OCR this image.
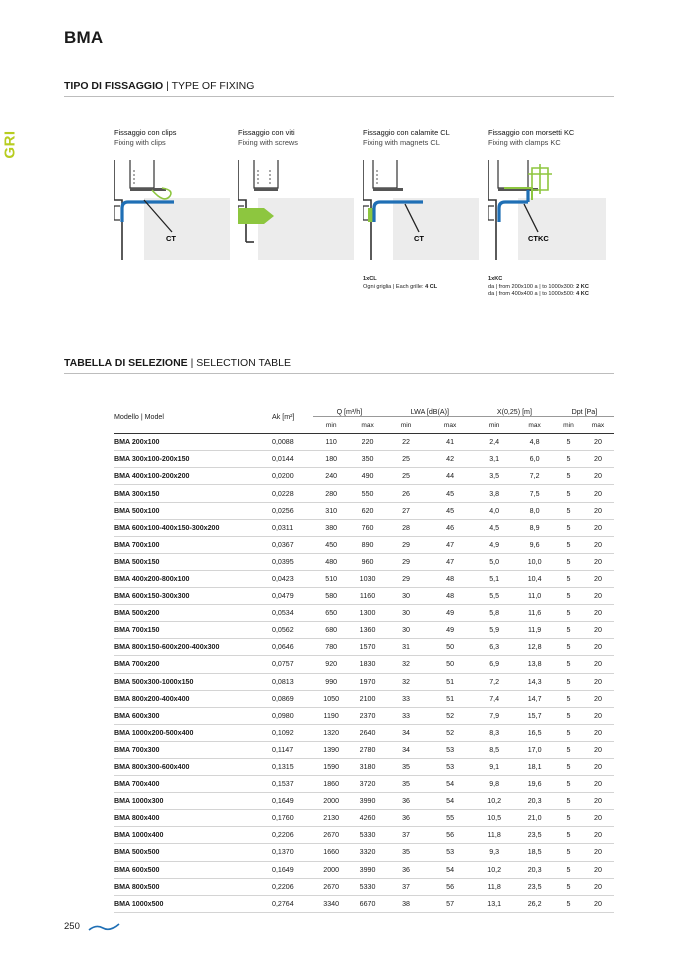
BMA
GRI
TIPO DI FISSAGGIO | TYPE OF FIXING
Fissaggio con clips
Fixing with clips
CT
Fissaggio con viti
Fixing with screws
Fissaggio con calamite CL
Fixing with magnets CL
CT
1xCL
Ogni griglia | Each grille: 4 CL
Fissaggio con morsetti KC
Fixing with clamps KC
CTKC
1xKC
da | from 200x100 a | to 1000x300: 2 KC
da | from 400x400 a | to 1000x500: 4 KC
TABELLA DI SELEZIONE | SELECTION TABLE
Modello | Model	Ak [m²]	Q [m³/h]		LWA [dB(A)]		X(0,25) [m]		Dpt [Pa]	
		min	max	min	max	min	max	min	max
BMA 200x100	0,0088	110	220	22	41	2,4	4,8	5	20
BMA 300x100-200x150	0,0144	180	350	25	42	3,1	6,0	5	20
BMA 400x100-200x200	0,0200	240	490	25	44	3,5	7,2	5	20
BMA 300x150	0,0228	280	550	26	45	3,8	7,5	5	20
BMA 500x100	0,0256	310	620	27	45	4,0	8,0	5	20
BMA 600x100-400x150-300x200	0,0311	380	760	28	46	4,5	8,9	5	20
BMA 700x100	0,0367	450	890	29	47	4,9	9,6	5	20
BMA 500x150	0,0395	480	960	29	47	5,0	10,0	5	20
BMA 400x200-800x100	0,0423	510	1030	29	48	5,1	10,4	5	20
BMA 600x150-300x300	0,0479	580	1160	30	48	5,5	11,0	5	20
BMA 500x200	0,0534	650	1300	30	49	5,8	11,6	5	20
BMA 700x150	0,0562	680	1360	30	49	5,9	11,9	5	20
BMA 800x150-600x200-400x300	0,0646	780	1570	31	50	6,3	12,8	5	20
BMA 700x200	0,0757	920	1830	32	50	6,9	13,8	5	20
BMA 500x300-1000x150	0,0813	990	1970	32	51	7,2	14,3	5	20
BMA 800x200-400x400	0,0869	1050	2100	33	51	7,4	14,7	5	20
BMA 600x300	0,0980	1190	2370	33	52	7,9	15,7	5	20
BMA 1000x200-500x400	0,1092	1320	2640	34	52	8,3	16,5	5	20
BMA 700x300	0,1147	1390	2780	34	53	8,5	17,0	5	20
BMA 800x300-600x400	0,1315	1590	3180	35	53	9,1	18,1	5	20
BMA 700x400	0,1537	1860	3720	35	54	9,8	19,6	5	20
BMA 1000x300	0,1649	2000	3990	36	54	10,2	20,3	5	20
BMA 800x400	0,1760	2130	4260	36	55	10,5	21,0	5	20
BMA 1000x400	0,2206	2670	5330	37	56	11,8	23,5	5	20
BMA 500x500	0,1370	1660	3320	35	53	9,3	18,5	5	20
BMA 600x500	0,1649	2000	3990	36	54	10,2	20,3	5	20
BMA 800x500	0,2206	2670	5330	37	56	11,8	23,5	5	20
BMA 1000x500	0,2764	3340	6670	38	57	13,1	26,2	5	20
250
